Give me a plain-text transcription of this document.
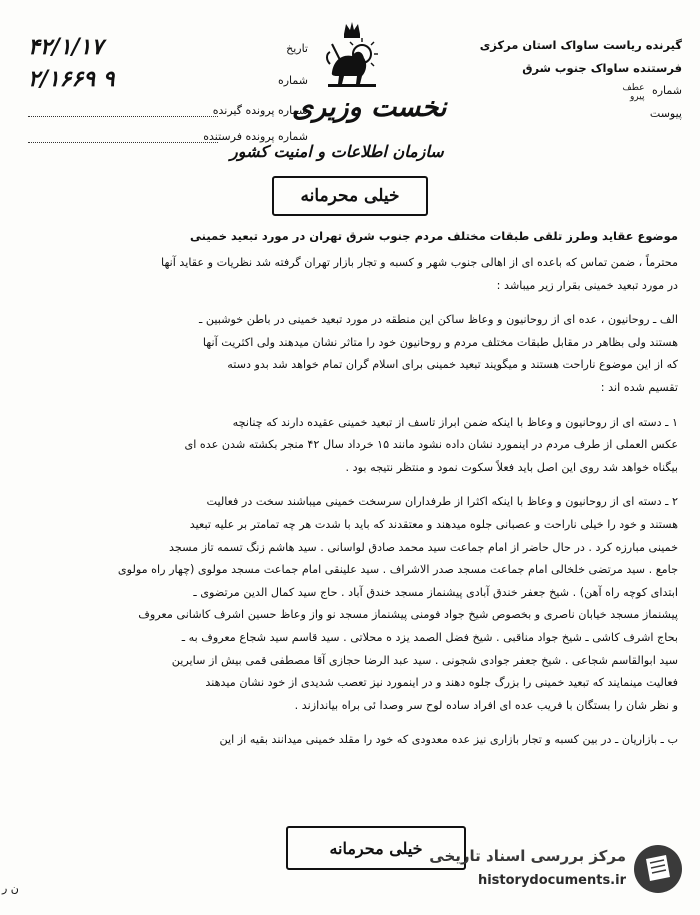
تاریخ
۴۲/۱/۱۷
شماره
۲/۱۶۶۹ ۹
شماره پرونده گیرنده
شماره پرونده فرستنده
گیرنده ریاست ساواک استان مرکزی
فرستنده ساواک جنوب شرق
شماره عطف
پیرو
پیوست
نخست وزیری
سازمان اطلاعات و امنیت کشور
خیلی محرمانه
موضوع عقاید وطرز تلقی طبقات مختلف مردم جنوب شرق تهران در مورد تبعید خمینی
محترماً ، ضمن تماس که باعده ای از اهالی جنوب شهر و کسبه و تجار بازار تهران گرفته شد نظریات و عقاید آنها
در مورد تبعید خمینی بقرار زیر میباشد :
الف ـ روحانیون ، عده ای از روحانیون و وعاظ ساکن این منطقه در مورد تبعید خمینی در باطن خوشبین ـ
هستند ولی بظاهر در مقابل طبقات مختلف مردم و روحانیون خود را متاثر نشان میدهند ولی اکثریت آنها
که از این موضوع ناراحت هستند و میگویند تبعید خمینی برای اسلام گران تمام خواهد شد بدو دسته
تقسیم شده اند :
۱ ـ دسته ای از روحانیون و وعاظ با اینکه ضمن ابراز تاسف از تبعید خمینی عقیده دارند که چنانچه
عکس العملی از طرف مردم در اینمورد نشان داده نشود مانند ۱۵ خرداد سال ۴۲ منجر بکشته شدن عده ای
بیگناه خواهد شد روی این اصل باید فعلاً سکوت نمود و منتظر نتیجه بود .
۲ ـ دسته ای از روحانیون و وعاظ با اینکه اکثرا از طرفداران سرسخت خمینی میباشند سخت در فعالیت
هستند و خود را خیلی ناراحت و عصبانی جلوه میدهند و معتقدند که باید با شدت هر چه تمامتر بر علیه تبعید
خمینی مبارزه کرد . در حال حاضر از امام جماعت سید محمد صادق لواسانی . سید هاشم زنگ تسمه تاز مسجد
جامع . سید مرتضی خلخالی امام جماعت مسجد صدر الاشراف . سید علینقی امام جماعت مسجد مولوی (چهار راه مولوی
ابتدای کوچه راه آهن) . شیخ جعفر خندق آبادی پیشنماز مسجد خندق آباد . حاج سید کمال الدین مرتضوی ـ
پیشنماز مسجد خیابان ناصری و بخصوص شیخ جواد فومنی پیشنماز مسجد نو واز وعاظ حسین اشرف کاشانی معروف
بحاج اشرف کاشی ـ شیخ جواد مناقبی . شیخ فضل الصمد یزد ه محلاتی . سید قاسم سید شجاع معروف به ـ
سید ابوالقاسم شجاعی . شیخ جعفر جوادی شجونی . سید عبد الرضا حجازی آقا مصطفی قمی بیش از سایرین
فعالیت مینمایند که تبعید خمینی را بزرگ جلوه دهند و در اینمورد نیز تعصب شدیدی از خود نشان میدهند
و نظر شان را بستگان با فریب عده ای افراد ساده لوح سر وصدا ئی براه بیاندازند .
ب ـ بازاریان ـ در بین کسبه و تجار بازاری نیز عده معدودی که خود را مقلد خمینی میدانند بقیه از این
خیلی محرمانه
ن ر
مرکز بررسی اسناد تاریخی
historydocuments.ir
